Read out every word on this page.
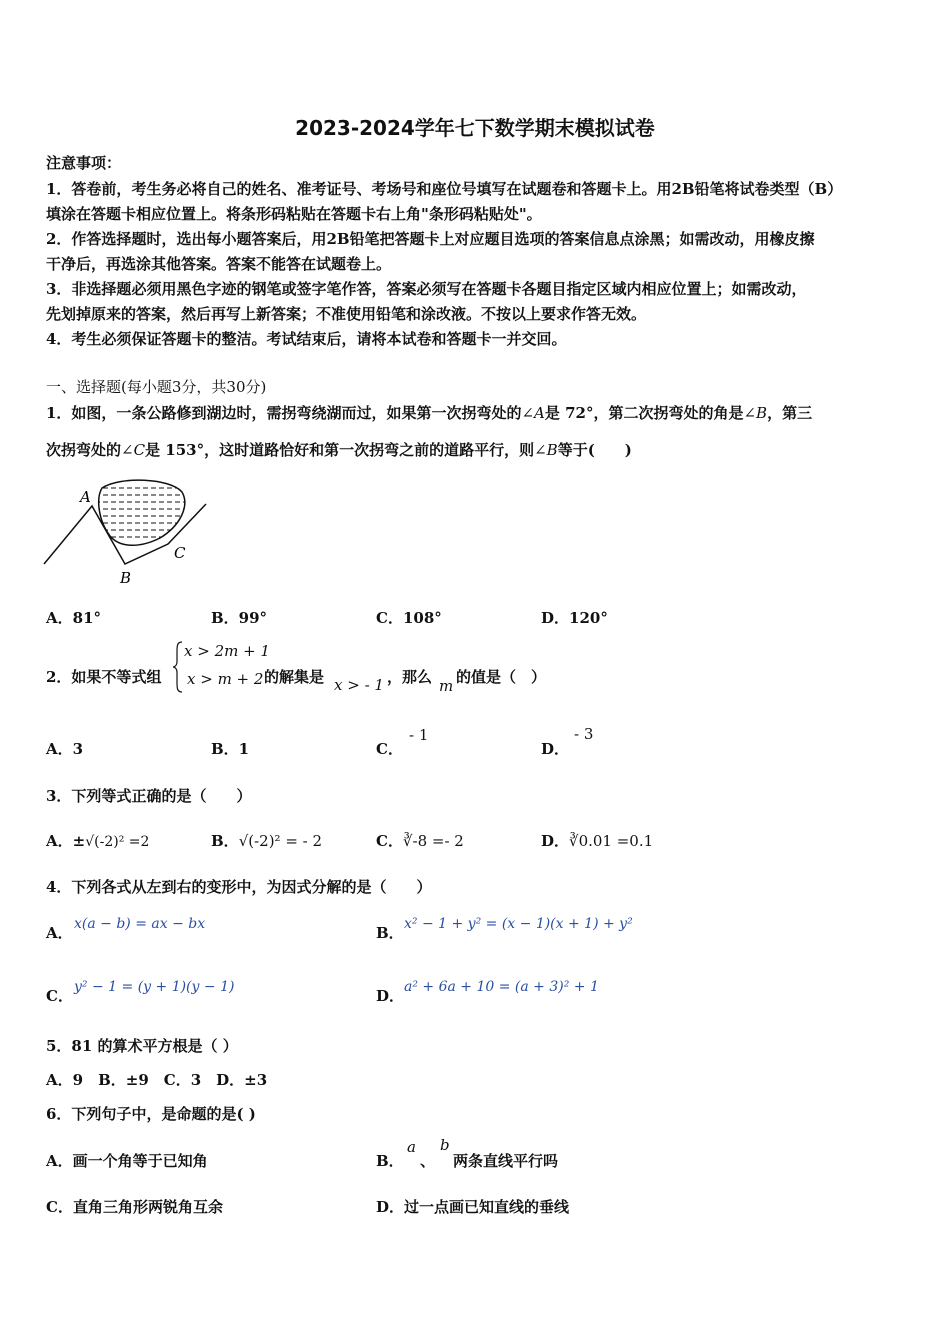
2023-2024学年七下数学期末模拟试卷
注意事项：
1．答卷前，考生务必将自己的姓名、准考证号、考场号和座位号填写在试题卷和答题卡上。用2B铅笔将试卷类型（B）
填涂在答题卡相应位置上。将条形码粘贴在答题卡右上角"条形码粘贴处"。
2．作答选择题时，选出每小题答案后，用2B铅笔把答题卡上对应题目选项的答案信息点涂黑；如需改动，用橡皮擦
干净后，再选涂其他答案。答案不能答在试题卷上。
3．非选择题必须用黑色字迹的钢笔或签字笔作答，答案必须写在答题卡各题目指定区域内相应位置上；如需改动，
先划掉原来的答案，然后再写上新答案；不准使用铅笔和涂改液。不按以上要求作答无效。
4．考生必须保证答题卡的整洁。考试结束后，请将本试卷和答题卡一并交回。
一、选择题(每小题3分，共30分)
1．如图，一条公路修到湖边时，需拐弯绕湖而过，如果第一次拐弯处的∠A是 72°，第二次拐弯处的角是∠B，第三
次拐弯处的∠C是 153°，这时道路恰好和第一次拐弯之前的道路平行，则∠B等于(　　)
A
B
C
A．81°	B．99°	C．108°	D．120°
2．如果不等式组
x > 2m + 1
x > m + 2 的解集是 x > - 1 ，那么 m 的值是（　）
A．3	B．1	C．
- 1
D．
- 3
3．下列等式正确的是（　　）
A．±√(-2)² =2	B．√(-2)² = - 2	C．∛-8 =- 2	D．∛0.01 =0.1
4．下列各式从左到右的变形中，为因式分解的是（　　）
A． x(a − b) = ax − bx	B． x² − 1 + y² = (x − 1)(x + 1) + y²
C． y² − 1 = (y + 1)(y − 1)	D． a² + 6a + 10 = (a + 3)² + 1
5．81 的算术平方根是（ ）
A．9　B．±9　C．3　D．±3
6．下列句子中，是命题的是( )
A．画一个角等于已知角	B．
a
、
b
两条直线平行吗
C．直角三角形两锐角互余	D．过一点画已知直线的垂线
